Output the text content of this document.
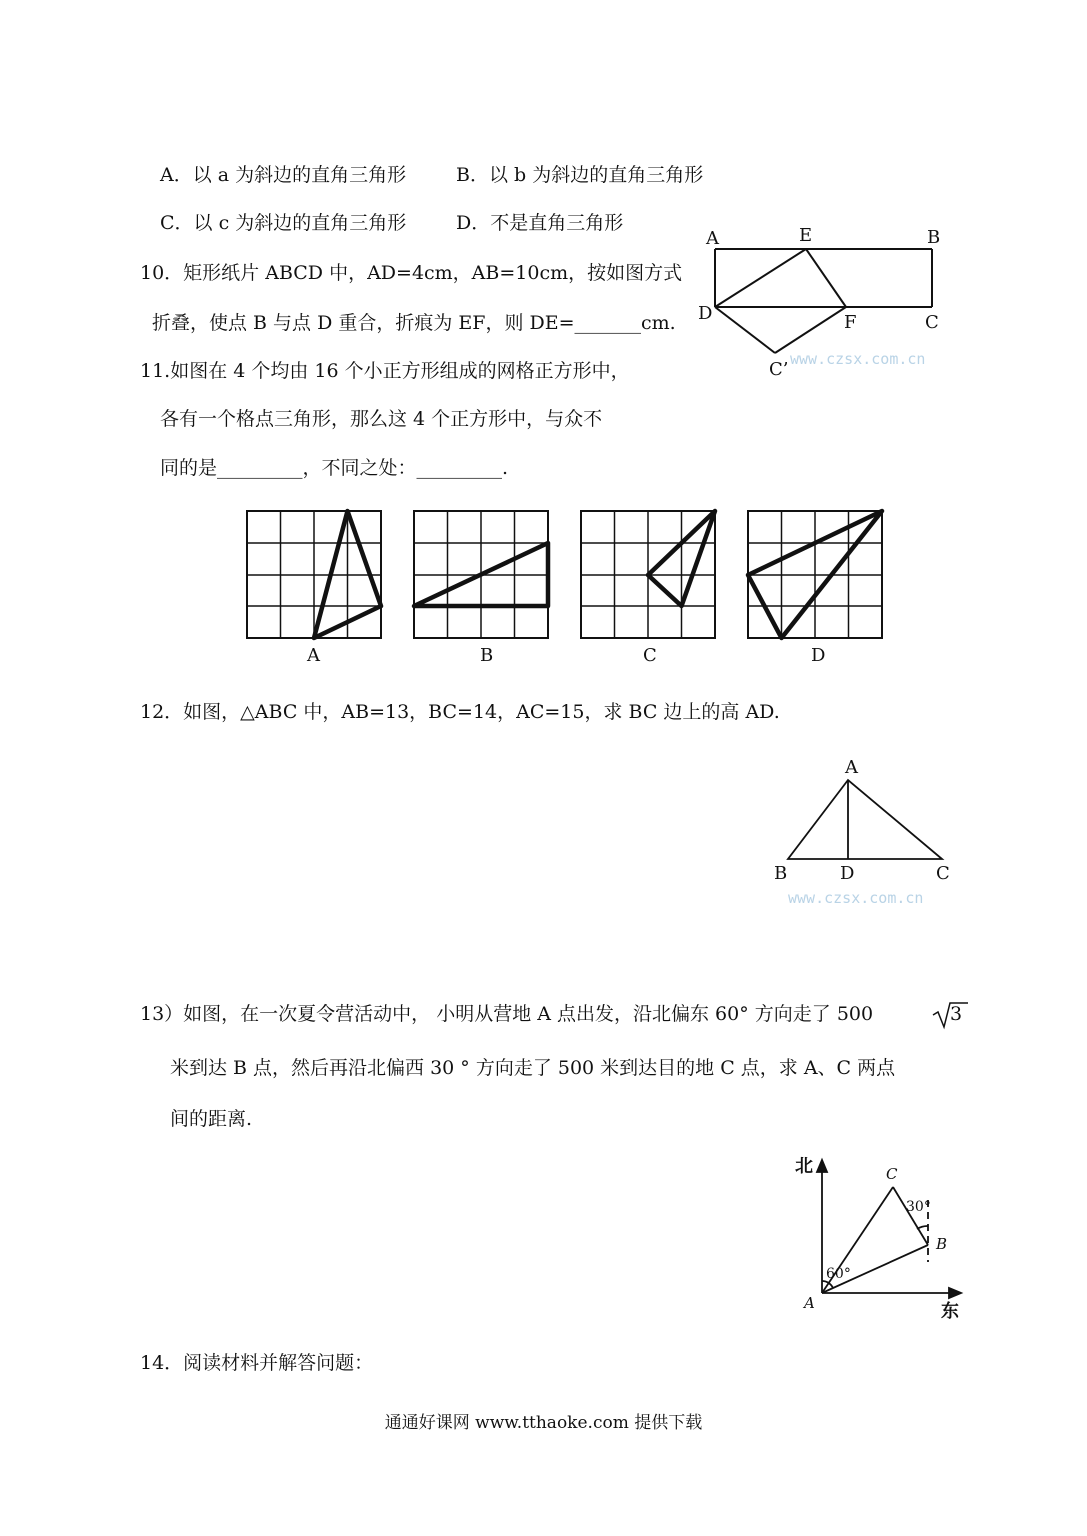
A．以 a 为斜边的直角三角形	B．以 b 为斜边的直角三角形
C．以 c 为斜边的直角三角形	D．不是直角三角形
10．矩形纸片 ABCD 中，AD=4cm，AB=10cm，按如图方式
折叠，使点 B 与点 D 重合，折痕为 EF，则 DE=_______cm.
11.如图在 4 个均由 16 个小正方形组成的网格正方形中，
各有一个格点三角形，那么这 4 个正方形中，与众不
同的是_________，不同之处：_________.
12．如图，△ABC 中，AB=13，BC=14，AC=15，求 BC 边上的高 AD.
13）如图，在一次夏令营活动中， 小明从营地 A 点出发，沿北偏东 60° 方向走了 500	3
米到达 B 点，然后再沿北偏西 30 ° 方向走了 500 米到达目的地 C 点，求 A、C 两点
间的距离.
14．阅读材料并解答问题：
A	E	B
D	F	C
C’ www.czsx.com.cn
A	B	C	D
A
B	D	C
www.czsx.com.cn
北
东
A
B
C
60°
30°
通通好课网 www.tthaoke.com 提供下载
